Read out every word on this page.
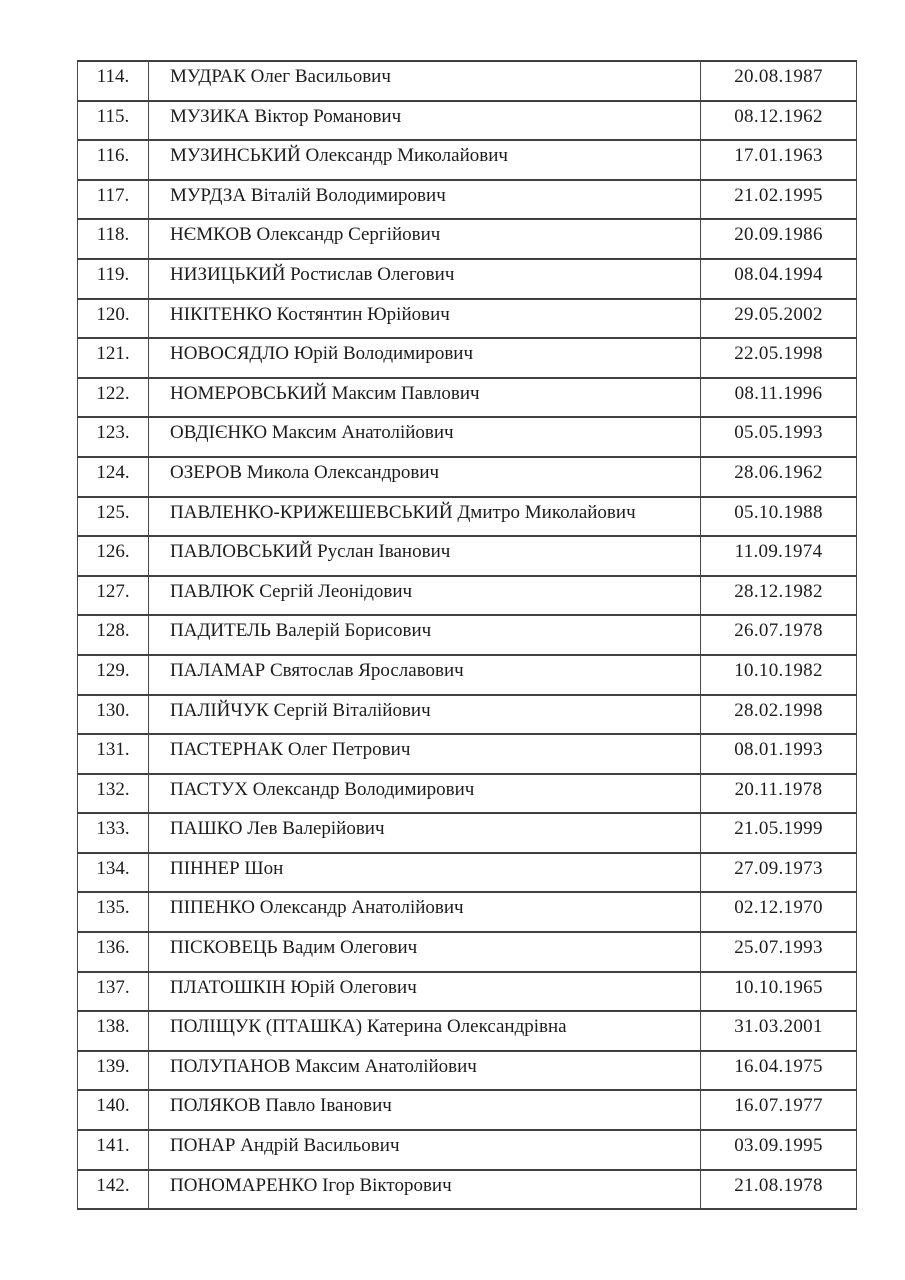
114.	МУДРАК Олег Васильович	20.08.1987
115.	МУЗИКА Віктор Романович	08.12.1962
116.	МУЗИНСЬКИЙ Олександр Миколайович	17.01.1963
117.	МУРДЗА Віталій Володимирович	21.02.1995
118.	НЄМКОВ Олександр Сергійович	20.09.1986
119.	НИЗИЦЬКИЙ Ростислав Олегович	08.04.1994
120.	НІКІТЕНКО Костянтин Юрійович	29.05.2002
121.	НОВОСЯДЛО Юрій Володимирович	22.05.1998
122.	НОМЕРОВСЬКИЙ Максим Павлович	08.11.1996
123.	ОВДІЄНКО Максим Анатолійович	05.05.1993
124.	ОЗЕРОВ Микола Олександрович	28.06.1962
125.	ПАВЛЕНКО-КРИЖЕШЕВСЬКИЙ Дмитро Миколайович	05.10.1988
126.	ПАВЛОВСЬКИЙ Руслан Іванович	11.09.1974
127.	ПАВЛЮК Сергій Леонідович	28.12.1982
128.	ПАДИТЕЛЬ Валерій Борисович	26.07.1978
129.	ПАЛАМАР Святослав Ярославович	10.10.1982
130.	ПАЛІЙЧУК Сергій Віталійович	28.02.1998
131.	ПАСТЕРНАК Олег Петрович	08.01.1993
132.	ПАСТУХ Олександр Володимирович	20.11.1978
133.	ПАШКО Лев Валерійович	21.05.1999
134.	ПІННЕР Шон	27.09.1973
135.	ПІПЕНКО Олександр Анатолійович	02.12.1970
136.	ПІСКОВЕЦЬ Вадим Олегович	25.07.1993
137.	ПЛАТОШКІН Юрій Олегович	10.10.1965
138.	ПОЛІЩУК (ПТАШКА) Катерина Олександрівна	31.03.2001
139.	ПОЛУПАНОВ Максим Анатолійович	16.04.1975
140.	ПОЛЯКОВ Павло Іванович	16.07.1977
141.	ПОНАР Андрій Васильович	03.09.1995
142.	ПОНОМАРЕНКО Ігор Вікторович	21.08.1978
